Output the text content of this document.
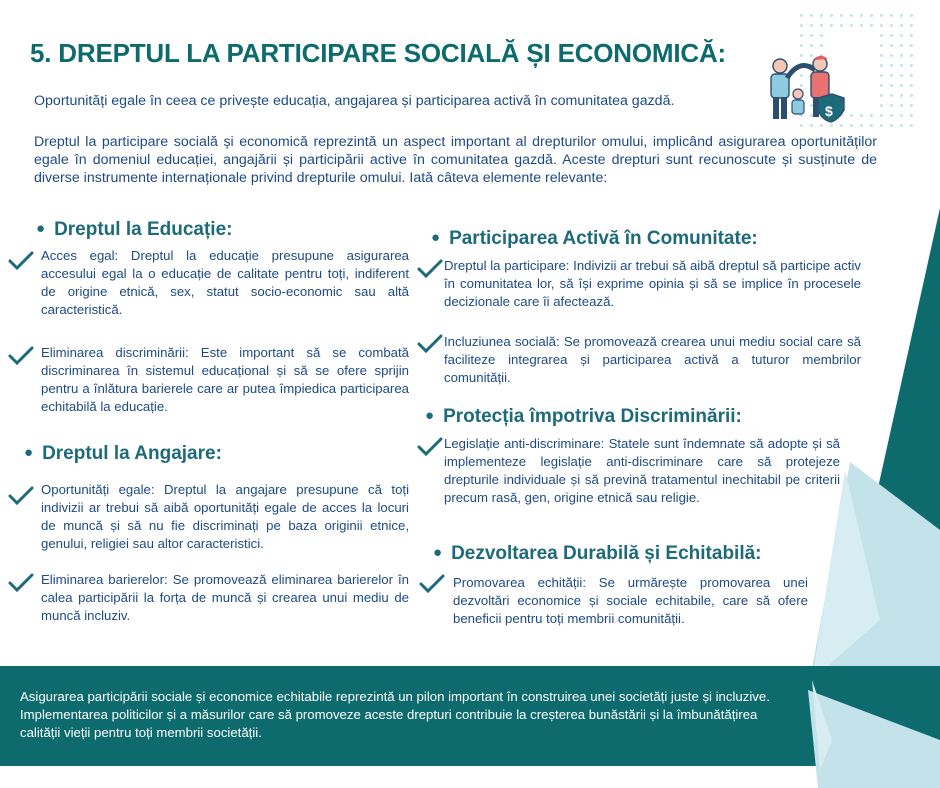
$
5. DREPTUL LA PARTICIPARE SOCIALĂ ȘI ECONOMICĂ:
Oportunități egale în ceea ce privește educația, angajarea și participarea activă în comunitatea gazdă.
Dreptul la participare socială și economică reprezintă un aspect important al drepturilor omului, implicând asigurarea oportunităților egale în domeniul educației, angajării și participării active în comunitatea gazdă. Aceste drepturi sunt recunoscute și susținute de diverse instrumente internaționale privind drepturile omului. Iată câteva elemente relevante:
● Dreptul la Educație:
Acces egal: Dreptul la educație presupune asigurarea accesului egal la o educație de calitate pentru toți, indiferent de origine etnică, sex, statut socio-economic sau altă caracteristică.
Eliminarea discriminării: Este important să se combată discriminarea în sistemul educațional și să se ofere sprijin pentru a înlătura barierele care ar putea împiedica participarea echitabilă la educație.
● Dreptul la Angajare:
Oportunități egale: Dreptul la angajare presupune că toți indivizii ar trebui să aibă oportunități egale de acces la locuri de muncă și să nu fie discriminați pe baza originii etnice, genului, religiei sau altor caracteristici.
Eliminarea barierelor: Se promovează eliminarea barierelor în calea participării la forța de muncă și crearea unui mediu de muncă incluziv.
● Participarea Activă în Comunitate:
Dreptul la participare: Indivizii ar trebui să aibă dreptul să participe activ în comunitatea lor, să își exprime opinia și să se implice în procesele decizionale care îi afectează.
Incluziunea socială: Se promovează crearea unui mediu social care să faciliteze integrarea și participarea activă a tuturor membrilor comunității.
● Protecția împotriva Discriminării:
Legislație anti-discriminare: Statele sunt îndemnate să adopte și să implementeze legislație anti-discriminare care să protejeze drepturile individuale și să prevină tratamentul inechitabil pe criterii precum rasă, gen, origine etnică sau religie.
● Dezvoltarea Durabilă și Echitabilă:
Promovarea echității: Se urmărește promovarea unei dezvoltări economice și sociale echitabile, care să ofere beneficii pentru toți membrii comunității.
Asigurarea participării sociale și economice echitabile reprezintă un pilon important în construirea unei societăți juste și incluzive. Implementarea politicilor și a măsurilor care să promoveze aceste drepturi contribuie la creșterea bunăstării și la îmbunătățirea calității vieții pentru toți membrii societății.
